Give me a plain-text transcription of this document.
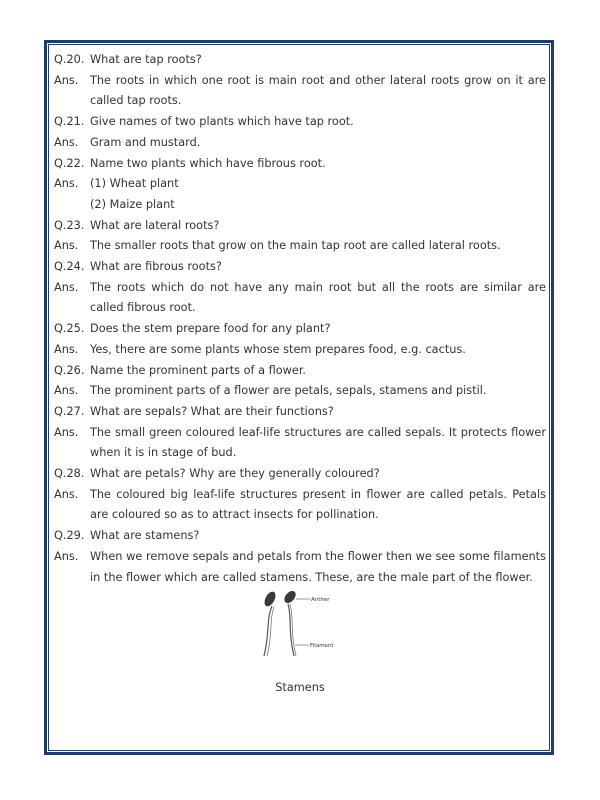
Q.20. What are tap roots?
Ans.	The roots in which one root is main root and other lateral roots grow on it are called tap roots.
Q.21. Give names of two plants which have tap root.
Ans.	Gram and mustard.
Q.22. Name two plants which have fibrous root.
Ans.	(1) Wheat plant
(2) Maize plant
Q.23. What are lateral roots?
Ans.	The smaller roots that grow on the main tap root are called lateral roots.
Q.24. What are fibrous roots?
Ans.	The roots which do not have any main root but all the roots are similar are called fibrous root.
Q.25. Does the stem prepare food for any plant?
Ans.	Yes, there are some plants whose stem prepares food, e.g. cactus.
Q.26. Name the prominent parts of a flower.
Ans.	The prominent parts of a flower are petals, sepals, stamens and pistil.
Q.27. What are sepals? What are their functions?
Ans.	The small green coloured leaf-life structures are called sepals. It protects flower when it is in stage of bud.
Q.28. What are petals? Why are they generally coloured?
Ans.	The coloured big leaf-life structures present in flower are called petals. Petals are coloured so as to attract insects for pollination.
Q.29. What are stamens?
Ans.	When we remove sepals and petals from the flower then we see some filaments in the flower which are called stamens. These, are the male part of the flower.
Anther
Filament
Stamens
